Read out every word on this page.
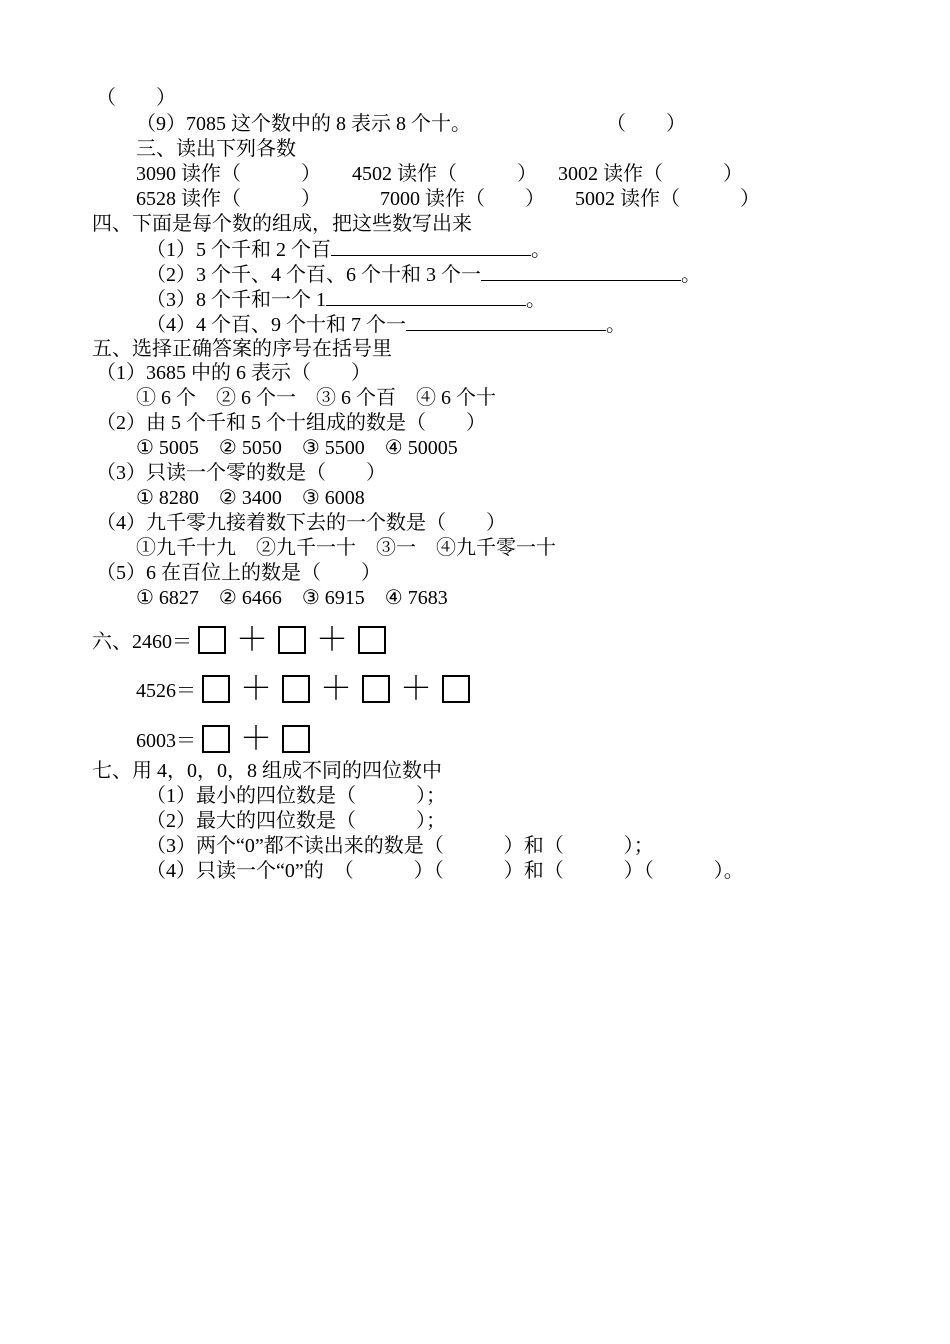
（　　）
（9）7085 这个数中的 8 表示 8 个十。	（　　）
三、读出下列各数
3090 读作（　　　） 4502 读作（　　　） 3002 读作（　　　）
6528 读作（　　　）	7000 读作（　　） 5002 读作（　　　）
四、下面是每个数的组成，把这些数写出来
（1）5 个千和 2 个百	。
（2）3 个千、4 个百、6 个十和 3 个一	。
（3）8 个千和一个 1	。
（4）4 个百、9 个十和 7 个一	。
五、选择正确答案的序号在括号里
（1）3685 中的 6 表示（　　）
① 6 个　② 6 个一　③ 6 个百　④ 6 个十
（2）由 5 个千和 5 个十组成的数是（　　）
① 5005　② 5050　③ 5500　④ 50005
（3）只读一个零的数是（　　）
① 8280　② 3400　③ 6008
（4）九千零九接着数下去的一个数是（　　）
①九千十九　②九千一十　③一　④九千零一十
（5）6 在百位上的数是（　　）
① 6827　② 6466　③ 6915　④ 7683
六、2460＝	＋	＋
4526＝	＋	＋	＋
6003＝	＋
七、用 4，0，0，8 组成不同的四位数中
（1）最小的四位数是（　　　）；
（2）最大的四位数是（　　　）；
（3）两个“0”都不读出来的数是（　　　）和（　　　）；
（4）只读一个“0”的　（　　　）（　　　）和（　　　）（　　　）。
